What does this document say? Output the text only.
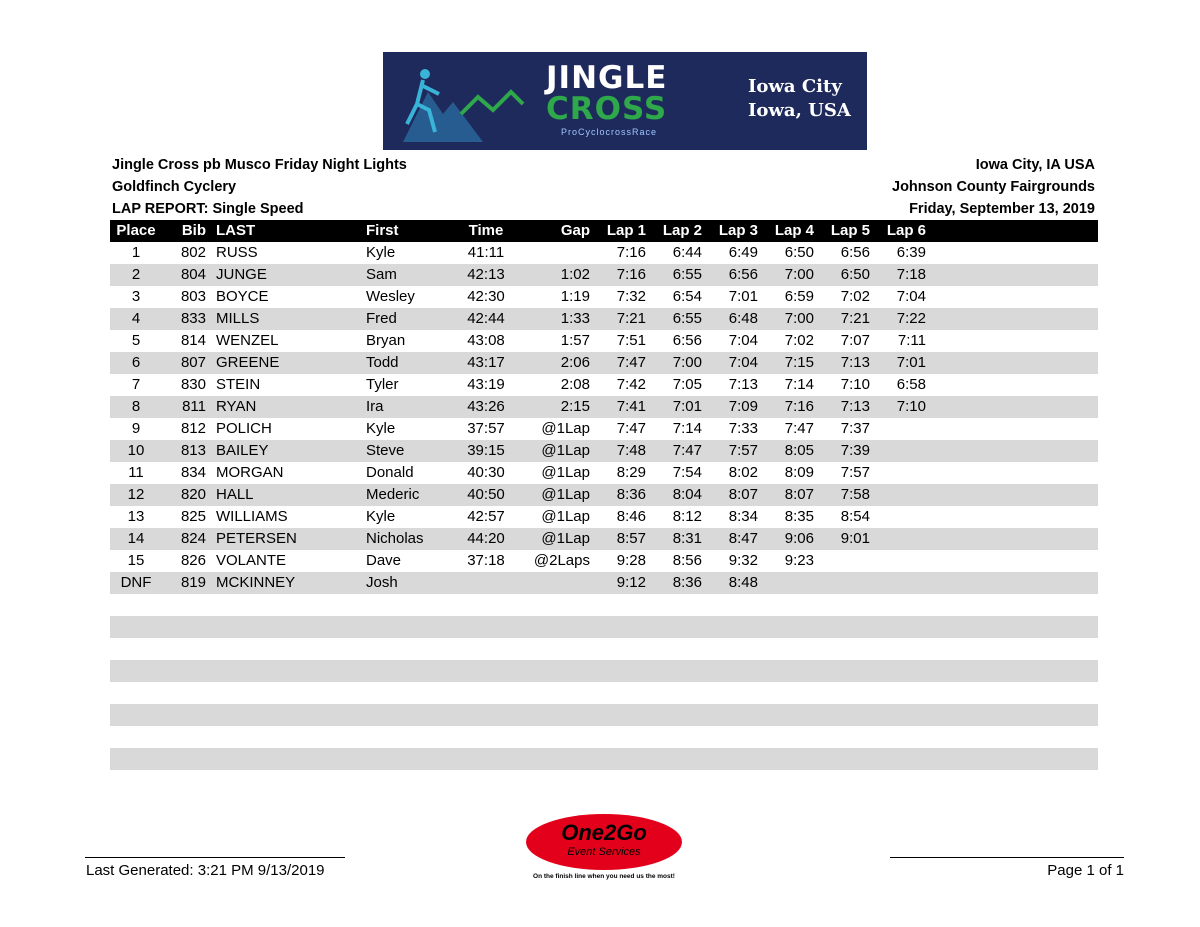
JINGLE
CROSS
ProCyclocrossRace
Iowa City
Iowa, USA
Jingle Cross pb Musco Friday Night Lights
Goldfinch Cyclery
LAP REPORT: Single Speed
Iowa City, IA USA
Johnson County Fairgrounds
Friday, September 13, 2019
Place	Bib	LAST	First	Time	Gap	Lap 1	Lap 2	Lap 3	Lap 4	Lap 5	Lap 6	
1	802	RUSS	Kyle	41:11		7:16	6:44	6:49	6:50	6:56	6:39	
2	804	JUNGE	Sam	42:13	1:02	7:16	6:55	6:56	7:00	6:50	7:18	
3	803	BOYCE	Wesley	42:30	1:19	7:32	6:54	7:01	6:59	7:02	7:04	
4	833	MILLS	Fred	42:44	1:33	7:21	6:55	6:48	7:00	7:21	7:22	
5	814	WENZEL	Bryan	43:08	1:57	7:51	6:56	7:04	7:02	7:07	7:11	
6	807	GREENE	Todd	43:17	2:06	7:47	7:00	7:04	7:15	7:13	7:01	
7	830	STEIN	Tyler	43:19	2:08	7:42	7:05	7:13	7:14	7:10	6:58	
8	811	RYAN	Ira	43:26	2:15	7:41	7:01	7:09	7:16	7:13	7:10	
9	812	POLICH	Kyle	37:57	@1Lap	7:47	7:14	7:33	7:47	7:37		
10	813	BAILEY	Steve	39:15	@1Lap	7:48	7:47	7:57	8:05	7:39		
11	834	MORGAN	Donald	40:30	@1Lap	8:29	7:54	8:02	8:09	7:57		
12	820	HALL	Mederic	40:50	@1Lap	8:36	8:04	8:07	8:07	7:58		
13	825	WILLIAMS	Kyle	42:57	@1Lap	8:46	8:12	8:34	8:35	8:54		
14	824	PETERSEN	Nicholas	44:20	@1Lap	8:57	8:31	8:47	9:06	9:01		
15	826	VOLANTE	Dave	37:18	@2Laps	9:28	8:56	9:32	9:23			
DNF	819	MCKINNEY	Josh			9:12	8:36	8:48				

Last Generated: 3:21 PM 9/13/2019	Page 1 of 1
One2Go
Event Services
On the finish line when you need us the most!
